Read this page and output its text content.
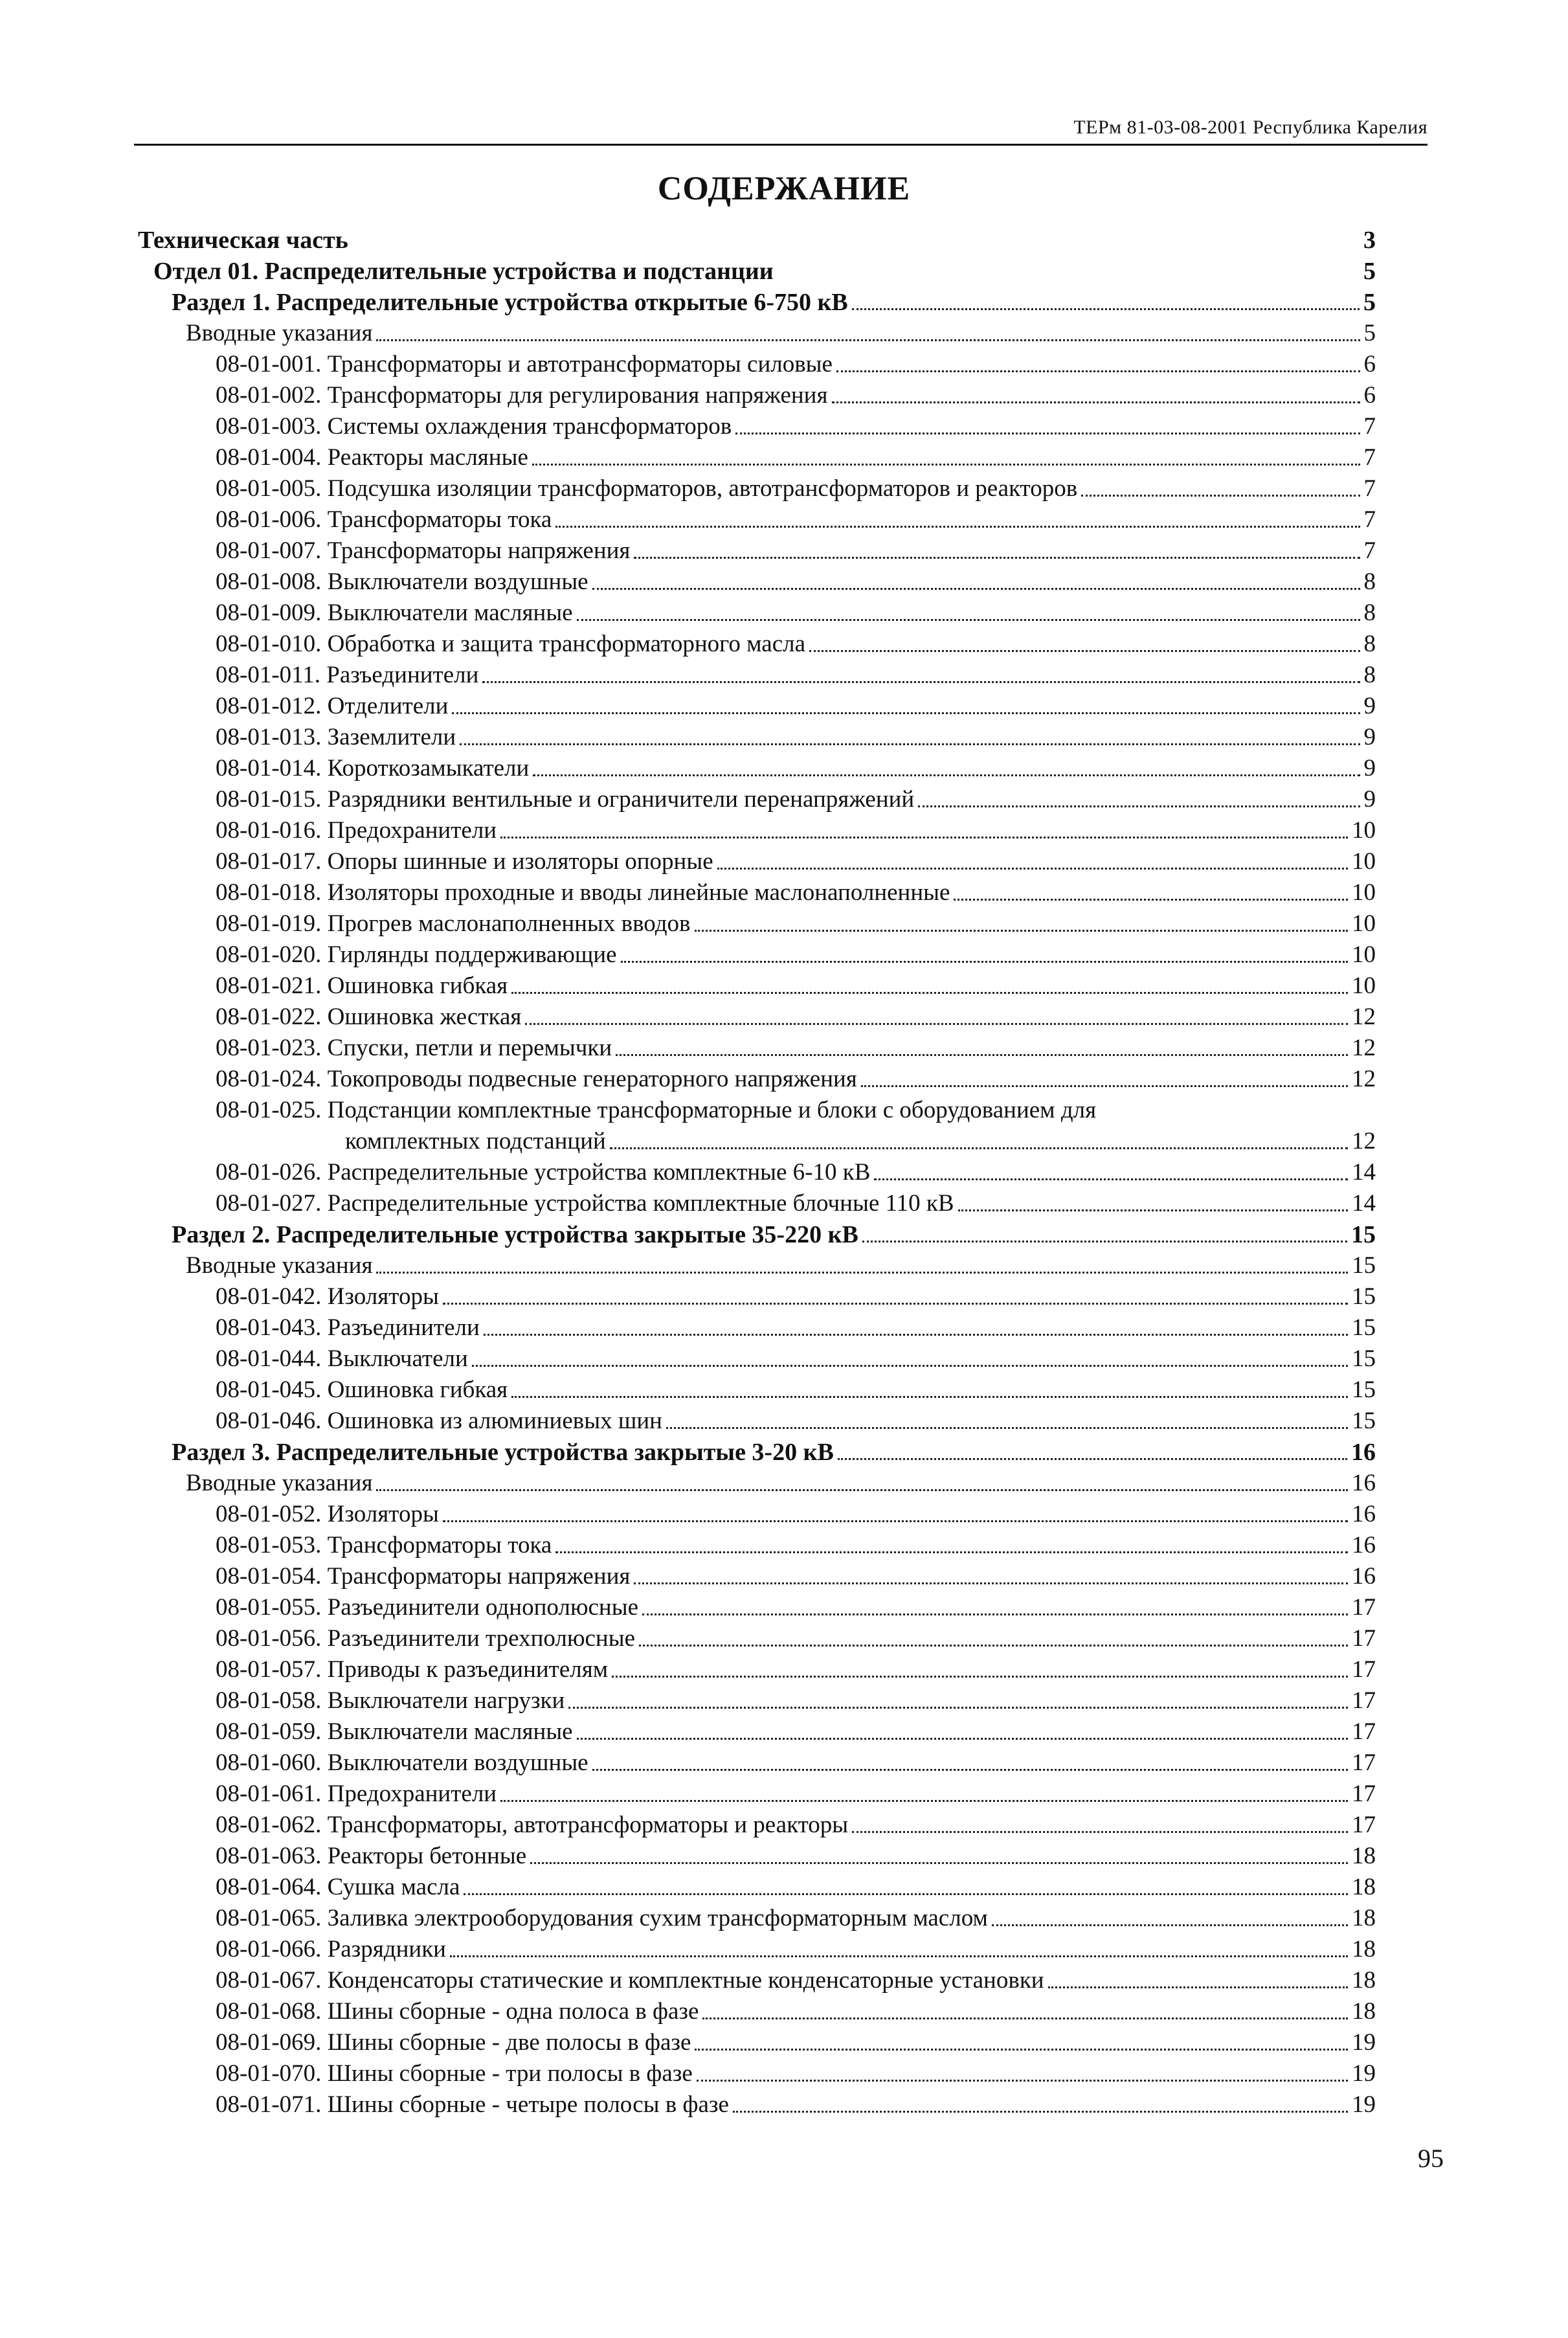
ТЕРм 81-03-08-2001 Республика Карелия
СОДЕРЖАНИЕ
Техническая часть	3
Отдел 01. Распределительные устройства и подстанции	5
Раздел 1. Распределительные устройства открытые 6-750 кВ	5
Вводные указания	5
08-01-001. Трансформаторы и автотрансформаторы силовые	6
08-01-002. Трансформаторы для регулирования напряжения	6
08-01-003. Системы охлаждения трансформаторов	7
08-01-004. Реакторы масляные	7
08-01-005. Подсушка изоляции трансформаторов, автотрансформаторов и реакторов	7
08-01-006. Трансформаторы тока	7
08-01-007. Трансформаторы напряжения	7
08-01-008. Выключатели воздушные	8
08-01-009. Выключатели масляные	8
08-01-010. Обработка и защита трансформаторного масла	8
08-01-011. Разъединители	8
08-01-012. Отделители	9
08-01-013. Заземлители	9
08-01-014. Короткозамыкатели	9
08-01-015. Разрядники вентильные и ограничители перенапряжений	9
08-01-016. Предохранители	10
08-01-017. Опоры шинные и изоляторы опорные	10
08-01-018. Изоляторы проходные и вводы линейные маслонаполненные	10
08-01-019. Прогрев маслонаполненных вводов	10
08-01-020. Гирлянды поддерживающие	10
08-01-021. Ошиновка гибкая	10
08-01-022. Ошиновка жесткая	12
08-01-023. Спуски, петли и перемычки	12
08-01-024. Токопроводы подвесные генераторного напряжения	12
08-01-025. Подстанции комплектные трансформаторные и блоки с оборудованием для
комплектных подстанций	12
08-01-026. Распределительные устройства комплектные 6-10 кВ	14
08-01-027. Распределительные устройства комплектные блочные 110 кВ	14
Раздел 2. Распределительные устройства закрытые 35-220 кВ	15
Вводные указания	15
08-01-042. Изоляторы	15
08-01-043. Разъединители	15
08-01-044. Выключатели	15
08-01-045. Ошиновка гибкая	15
08-01-046. Ошиновка из алюминиевых шин	15
Раздел 3. Распределительные устройства закрытые 3-20 кВ	16
Вводные указания	16
08-01-052. Изоляторы	16
08-01-053. Трансформаторы тока	16
08-01-054. Трансформаторы напряжения	16
08-01-055. Разъединители однополюсные	17
08-01-056. Разъединители трехполюсные	17
08-01-057. Приводы к разъединителям	17
08-01-058. Выключатели нагрузки	17
08-01-059. Выключатели масляные	17
08-01-060. Выключатели воздушные	17
08-01-061. Предохранители	17
08-01-062. Трансформаторы, автотрансформаторы и реакторы	17
08-01-063. Реакторы бетонные	18
08-01-064. Сушка масла	18
08-01-065. Заливка электрооборудования сухим трансформаторным маслом	18
08-01-066. Разрядники	18
08-01-067. Конденсаторы статические и комплектные конденсаторные установки	18
08-01-068. Шины сборные - одна полоса в фазе	18
08-01-069. Шины сборные - две полосы в фазе	19
08-01-070. Шины сборные - три полосы в фазе	19
08-01-071. Шины сборные - четыре полосы в фазе	19
95
